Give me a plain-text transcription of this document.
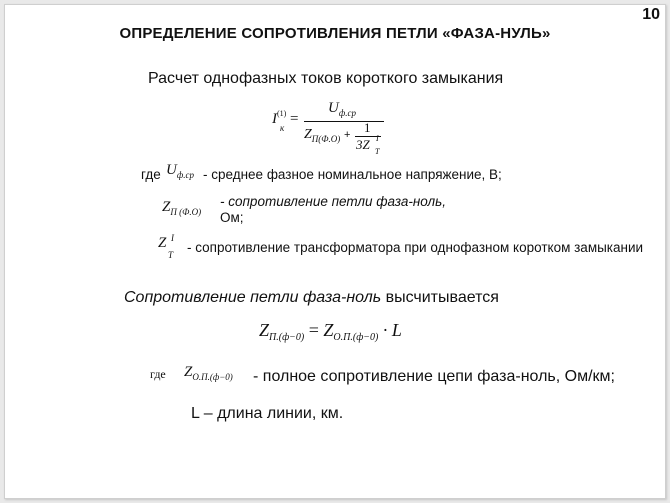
10
ОПРЕДЕЛЕНИЕ СОПРОТИВЛЕНИЯ ПЕТЛИ «ФАЗА-НУЛЬ»
Расчет однофазных токов короткого замыкания
$I^{(1)}$
к
=
$U_{ф.ср}$
$Z_{П(Ф.О)} + 1$
3Z Т
I
где $U_{ф.ср}$ - среднее фазное номинальное напряжение, В;
$Z_{П (Ф.О)}$
- сопротивление петли фаза-ноль,
Ом;
Z
Т
I
- сопротивление трансформатора при однофазном коротком замыкании
Сопротивление петли фаза-ноль высчитывается
$Z_{П.(ф-0)} = Z_{О.П.(ф-0)} \cdot L$
где $Z_{О.П.(ф-0)}$ - полное сопротивление цепи фаза-ноль, Ом/км;
L – длина линии, км.
